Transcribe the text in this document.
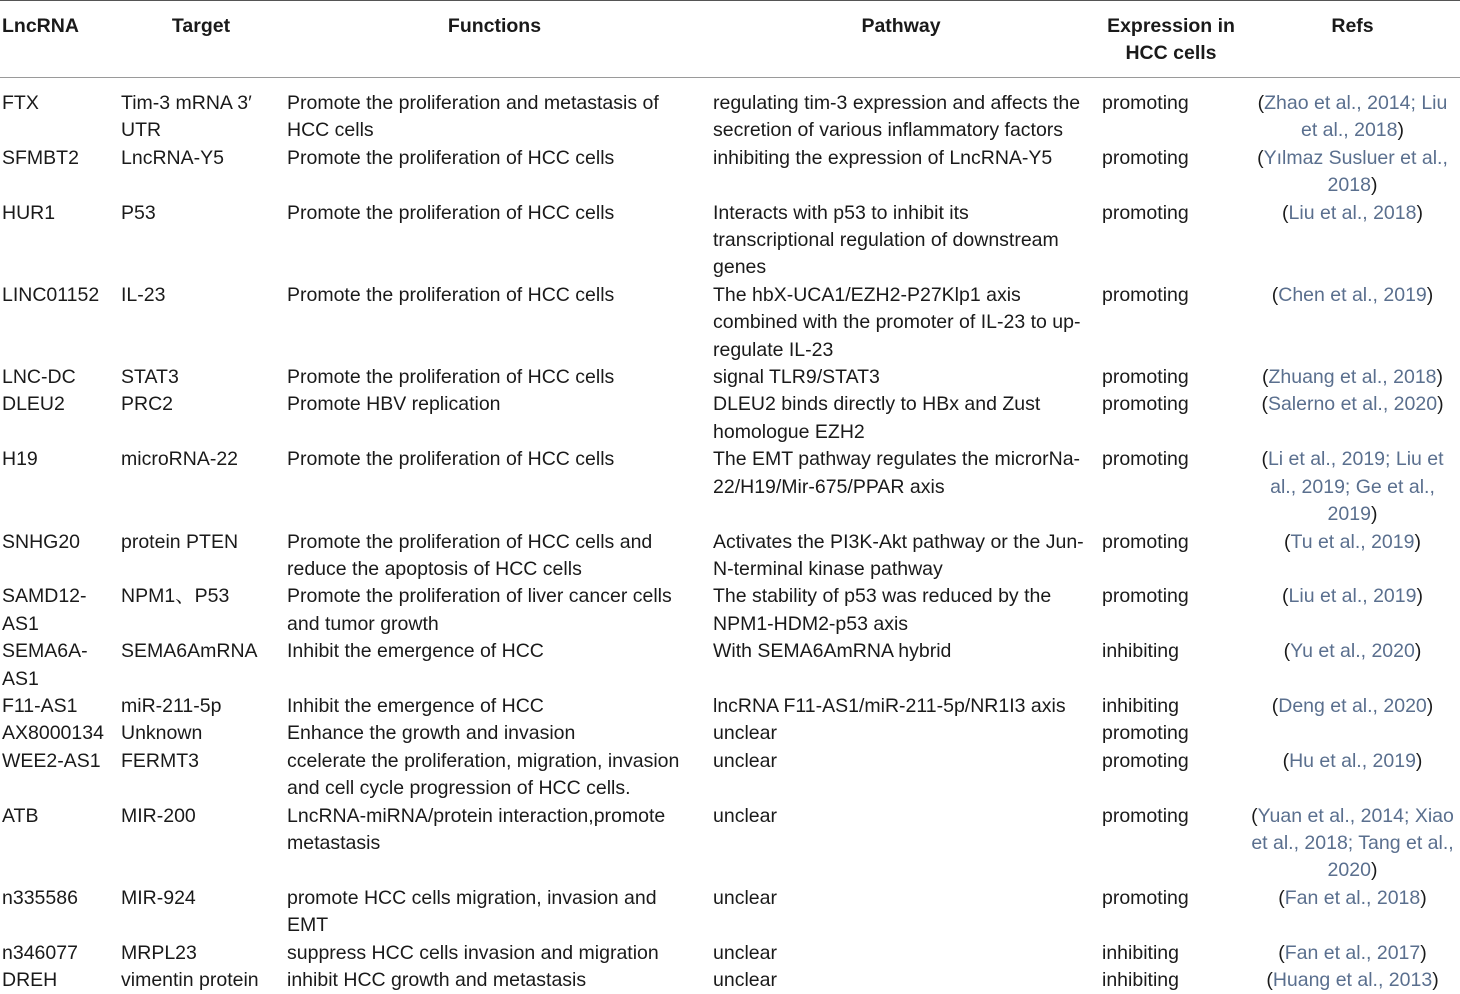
LncRNA	Target	Functions	Pathway	Expression in HCC cells	Refs
FTX	Tim-3 mRNA 3′ UTR	Promote the proliferation and metastasis of HCC cells	regulating tim-3 expression and affects the secretion of various inflammatory factors	promoting	(Zhao et al., 2014; Liu et al., 2018)
SFMBT2	LncRNA-Y5	Promote the proliferation of HCC cells	inhibiting the expression of LncRNA-Y5	promoting	(Yılmaz Susluer et al., 2018)
HUR1	P53	Promote the proliferation of HCC cells	Interacts with p53 to inhibit its transcriptional regulation of downstream genes	promoting	(Liu et al., 2018)
LINC01152	IL-23	Promote the proliferation of HCC cells	The hbX-UCA1/EZH2-P27Klp1 axis combined with the promoter of IL-23 to up-regulate IL-23	promoting	(Chen et al., 2019)
LNC-DC	STAT3	Promote the proliferation of HCC cells	signal TLR9/STAT3	promoting	(Zhuang et al., 2018)
DLEU2	PRC2	Promote HBV replication	DLEU2 binds directly to HBx and Zust homologue EZH2	promoting	(Salerno et al., 2020)
H19	microRNA-22	Promote the proliferation of HCC cells	The EMT pathway regulates the microrNa-22/H19/Mir-675/PPAR axis	promoting	(Li et al., 2019; Liu et al., 2019; Ge et al., 2019)
SNHG20	protein PTEN	Promote the proliferation of HCC cells and reduce the apoptosis of HCC cells	Activates the PI3K-Akt pathway or the Jun-N-terminal kinase pathway	promoting	(Tu et al., 2019)
SAMD12-AS1	NPM1、P53	Promote the proliferation of liver cancer cells and tumor growth	The stability of p53 was reduced by the NPM1-HDM2-p53 axis	promoting	(Liu et al., 2019)
SEMA6A-AS1	SEMA6AmRNA	Inhibit the emergence of HCC	With SEMA6AmRNA hybrid	inhibiting	(Yu et al., 2020)
F11-AS1	miR-211-5p	Inhibit the emergence of HCC	lncRNA F11-AS1/miR-211-5p/NR1I3 axis	inhibiting	(Deng et al., 2020)
AX8000134	Unknown	Enhance the growth and invasion	unclear	promoting	
WEE2-AS1	FERMT3	ccelerate the proliferation, migration, invasion and cell cycle progression of HCC cells.	unclear	promoting	(Hu et al., 2019)
ATB	MIR-200	LncRNA-miRNA/protein interaction,promote metastasis	unclear	promoting	(Yuan et al., 2014; Xiao et al., 2018; Tang et al., 2020)
n335586	MIR-924	promote HCC cells migration, invasion and EMT	unclear	promoting	(Fan et al., 2018)
n346077	MRPL23	suppress HCC cells invasion and migration	unclear	inhibiting	(Fan et al., 2017)
DREH	vimentin protein	inhibit HCC growth and metastasis	unclear	inhibiting	(Huang et al., 2013)
